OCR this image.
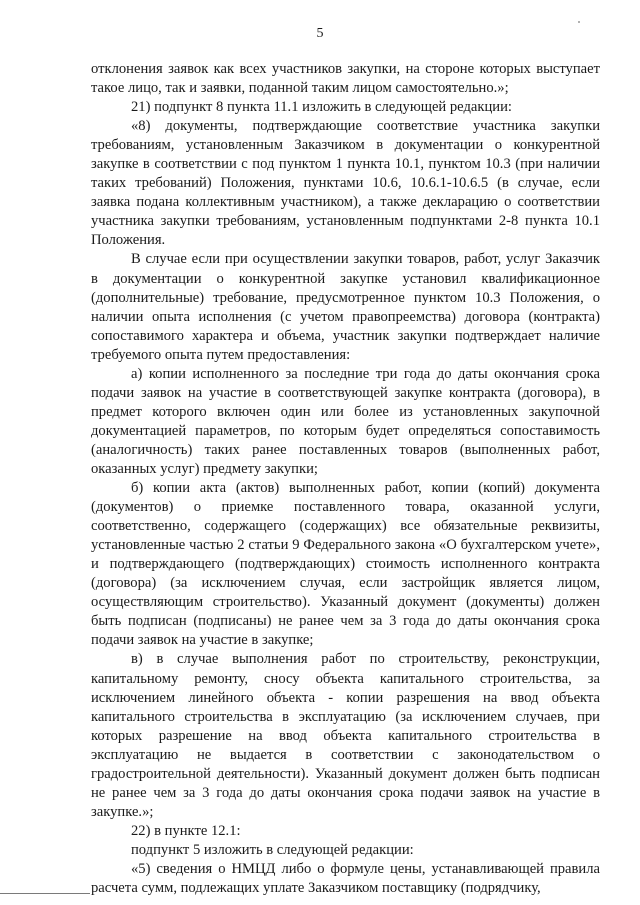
5

отклонения заявок как всех участников закупки, на стороне которых выступает такое лицо, так и заявки, поданной таким лицом самостоятельно.»;

21) подпункт 8 пункта 11.1 изложить в следующей редакции:

«8) документы, подтверждающие соответствие участника закупки требованиям, установленным Заказчиком в документации о конкурентной закупке в соответствии с под пунктом 1 пункта 10.1, пунктом 10.3 (при наличии таких требований) Положения, пунктами 10.6, 10.6.1-10.6.5 (в случае, если заявка подана коллективным участником), а также декларацию о соответствии участника закупки требованиям, установленным подпунктами 2-8 пункта 10.1 Положения.

В случае если при осуществлении закупки товаров, работ, услуг Заказчик в документации о конкурентной закупке установил квалификационное (дополнительные) требование, предусмотренное пунктом 10.3 Положения, о наличии опыта исполнения (с учетом правопреемства) договора (контракта) сопоставимого характера и объема, участник закупки подтверждает наличие требуемого опыта путем предоставления:

а) копии исполненного за последние три года до даты окончания срока подачи заявок на участие в соответствующей закупке контракта (договора), в предмет которого включен один или более из установленных закупочной документацией параметров, по которым будет определяться сопоставимость (аналогичность) таких ранее поставленных товаров (выполненных работ, оказанных услуг) предмету закупки;

б) копии акта (актов) выполненных работ, копии (копий) документа (документов) о приемке поставленного товара, оказанной услуги, соответственно, содержащего (содержащих) все обязательные реквизиты, установленные частью 2 статьи 9 Федерального закона «О бухгалтерском учете», и подтверждающего (подтверждающих) стоимость исполненного контракта (договора) (за исключением случая, если застройщик является лицом, осуществляющим строительство). Указанный документ (документы) должен быть подписан (подписаны) не ранее чем за 3 года до даты окончания срока подачи заявок на участие в закупке;

в) в случае выполнения работ по строительству, реконструкции, капитальному ремонту, сносу объекта капитального строительства, за исключением линейного объекта - копии разрешения на ввод объекта капитального строительства в эксплуатацию (за исключением случаев, при которых разрешение на ввод объекта капитального строительства в эксплуатацию не выдается в соответствии с законодательством о градостроительной деятельности). Указанный документ должен быть подписан не ранее чем за 3 года до даты окончания срока подачи заявок на участие в закупке.»;

22) в пункте 12.1:

подпункт 5 изложить в следующей редакции:

«5) сведения о НМЦД либо о формуле цены, устанавливающей правила расчета сумм, подлежащих уплате Заказчиком поставщику (подрядчику,
